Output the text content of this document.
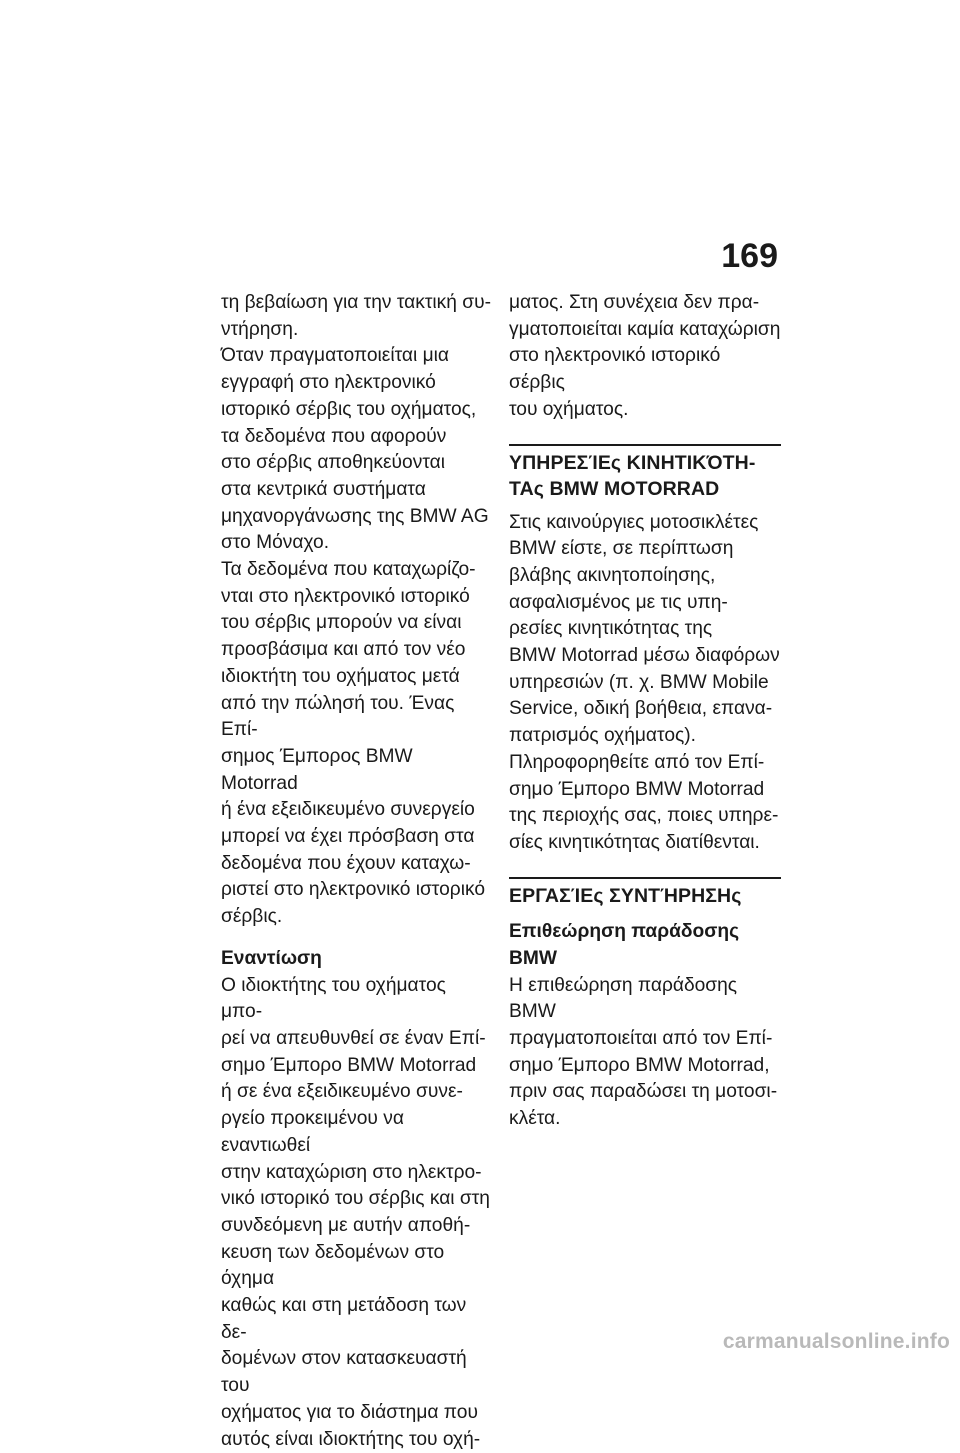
169

τη βεβαίωση για την τακτική συ-
ντήρηση.

Όταν πραγματοποιείται μια
εγγραφή στο ηλεκτρονικό
ιστορικό σέρβις του οχήματος,
τα δεδομένα που αφορούν
στο σέρβις αποθηκεύονται
στα κεντρικά συστήματα
μηχανοργάνωσης της BMW AG
στο Μόναχο.

Τα δεδομένα που καταχωρίζο-
νται στο ηλεκτρονικό ιστορικό
του σέρβις μπορούν να είναι
προσβάσιμα και από τον νέο
ιδιοκτήτη του οχήματος μετά
από την πώλησή του. Ένας Επί-
σημος Έμπορος BMW Motorrad
ή ένα εξειδικευμένο συνεργείο
μπορεί να έχει πρόσβαση στα
δεδομένα που έχουν καταχω-
ριστεί στο ηλεκτρονικό ιστορικό
σέρβις.

Εναντίωση

Ο ιδιοκτήτης του οχήματος μπο-
ρεί να απευθυνθεί σε έναν Επί-
σημο Έμπορο BMW Motorrad
ή σε ένα εξειδικευμένο συνε-
ργείο προκειμένου να εναντιωθεί
στην καταχώριση στο ηλεκτρο-
νικό ιστορικό του σέρβις και στη
συνδεόμενη με αυτήν αποθή-
κευση των δεδομένων στο όχημα
καθώς και στη μετάδοση των δε-
δομένων στον κατασκευαστή του
οχήματος για το διάστημα που
αυτός είναι ιδιοκτήτης του οχή-

ματος. Στη συνέχεια δεν πρα-
γματοποιείται καμία καταχώριση
στο ηλεκτρονικό ιστορικό σέρβις
του οχήματος.

ΥΠΗΡΕΣΊΕς ΚΙΝΗΤΙΚΌΤΗ-
ΤΑς BMW MOTORRAD

Στις καινούργιες μοτοσικλέτες
BMW είστε, σε περίπτωση
βλάβης ακινητοποίησης,
ασφαλισμένος με τις υπη-
ρεσίες κινητικότητας της
BMW Motorrad μέσω διαφόρων
υπηρεσιών (π. χ. BMW Mobile
Service, οδική βοήθεια, επανα-
πατρισμός οχήματος).

Πληροφορηθείτε από τον Επί-
σημο Έμπορο BMW Motorrad
της περιοχής σας, ποιες υπηρε-
σίες κινητικότητας διατίθενται.

ΕΡΓΑΣΊΕς ΣΥΝΤΉΡΗΣΗς

Επιθεώρηση παράδοσης
BMW

Η επιθεώρηση παράδοσης BMW
πραγματοποιείται από τον Επί-
σημο Έμπορο BMW Motorrad,
πριν σας παραδώσει τη μοτοσι-
κλέτα.

carmanualsonline.info
